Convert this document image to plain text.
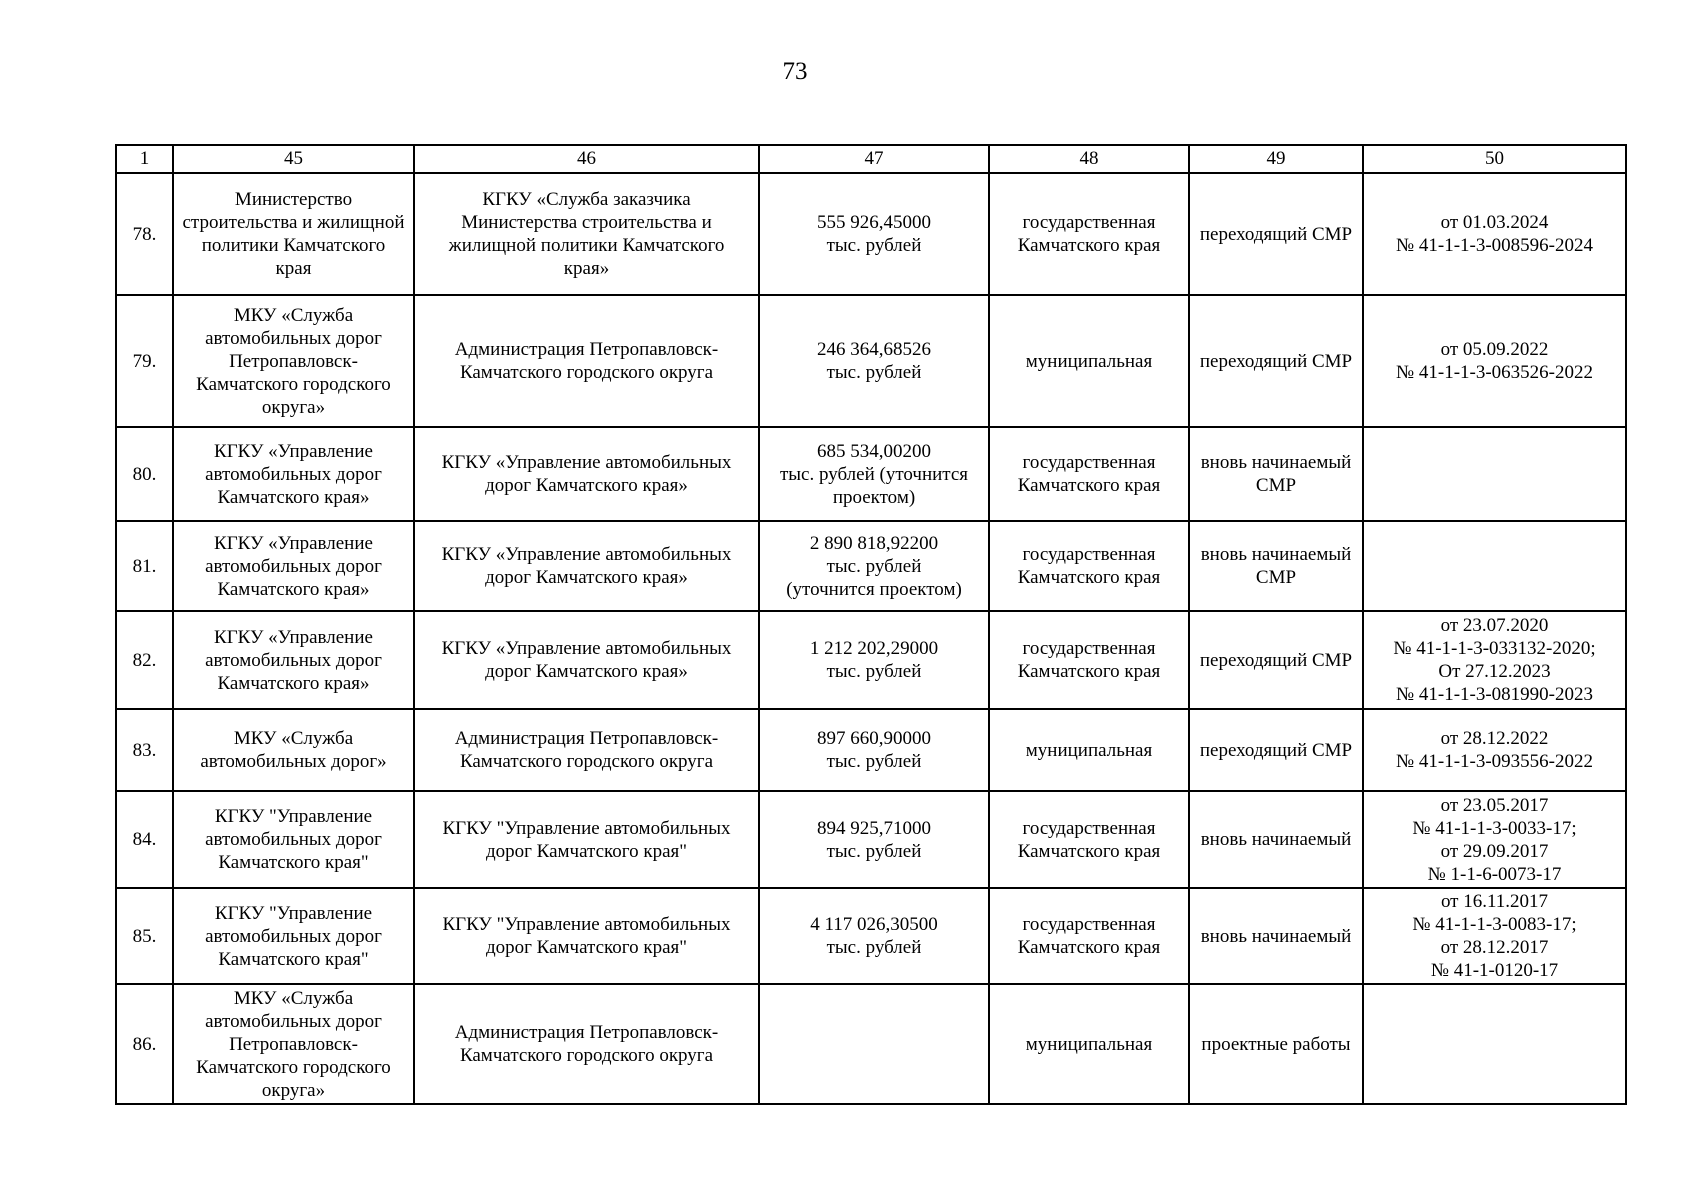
73
1	45	46	47	48	49	50
78.	Министерство
строительства и жилищной
политики Камчатского
края	КГКУ «Служба заказчика
Министерства строительства и
жилищной политики Камчатского
края»	555 926,45000
тыс. рублей	государственная
Камчатского края	переходящий СМР	от 01.03.2024
№ 41-1-1-3-008596-2024
79.	МКУ «Служба
автомобильных дорог
Петропавловск-
Камчатского городского
округа»	Администрация Петропавловск-
Камчатского городского округа	246 364,68526
тыс. рублей	муниципальная	переходящий СМР	от 05.09.2022
№ 41-1-1-3-063526-2022
80.	КГКУ «Управление
автомобильных дорог
Камчатского края»	КГКУ «Управление автомобильных
дорог Камчатского края»	685 534,00200
тыс. рублей (уточнится
проектом)	государственная
Камчатского края	вновь начинаемый
СМР	
81.	КГКУ «Управление
автомобильных дорог
Камчатского края»	КГКУ «Управление автомобильных
дорог Камчатского края»	2 890 818,92200
тыс. рублей
(уточнится проектом)	государственная
Камчатского края	вновь начинаемый
СМР	
82.	КГКУ «Управление
автомобильных дорог
Камчатского края»	КГКУ «Управление автомобильных
дорог Камчатского края»	1 212 202,29000
тыс. рублей	государственная
Камчатского края	переходящий СМР	от 23.07.2020
№ 41-1-1-3-033132-2020;
От 27.12.2023
№ 41-1-1-3-081990-2023
83.	МКУ «Служба
автомобильных дорог»	Администрация Петропавловск-
Камчатского городского округа	897 660,90000
тыс. рублей	муниципальная	переходящий СМР	от 28.12.2022
№ 41-1-1-3-093556-2022
84.	КГКУ "Управление
автомобильных дорог
Камчатского края"	КГКУ "Управление автомобильных
дорог Камчатского края"	894 925,71000
тыс. рублей	государственная
Камчатского края	вновь начинаемый	от 23.05.2017
№ 41-1-1-3-0033-17;
от 29.09.2017
№ 1-1-6-0073-17
85.	КГКУ "Управление
автомобильных дорог
Камчатского края"	КГКУ "Управление автомобильных
дорог Камчатского края"	4 117 026,30500
тыс. рублей	государственная
Камчатского края	вновь начинаемый	от 16.11.2017
№ 41-1-1-3-0083-17;
от 28.12.2017
№ 41-1-0120-17
86.	МКУ «Служба
автомобильных дорог
Петропавловск-
Камчатского городского
округа»	Администрация Петропавловск-
Камчатского городского округа		муниципальная	проектные работы	
